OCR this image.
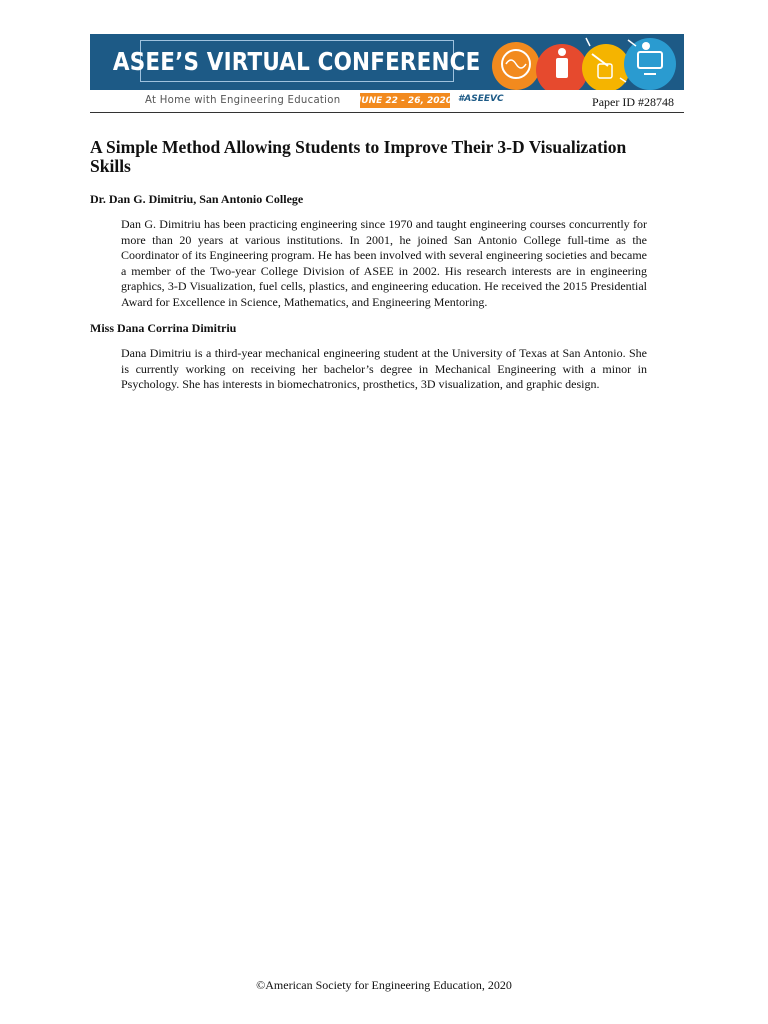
ASEE’S VIRTUAL CONFERENCE
At Home with Engineering Education JUNE 22 - 26, 2020 #ASEEVC	Paper ID #28748
A Simple Method Allowing Students to Improve Their 3-D Visualization Skills

Dr. Dan G. Dimitriu, San Antonio College

Dan G. Dimitriu has been practicing engineering since 1970 and taught engineering courses concurrently for more than 20 years at various institutions. In 2001, he joined San Antonio College full-time as the Coordinator of its Engineering program. He has been involved with several engineering societies and became a member of the Two-year College Division of ASEE in 2002. His research interests are in engineering graphics, 3-D Visualization, fuel cells, plastics, and engineering education. He received the 2015 Presidential Award for Excellence in Science, Mathematics, and Engineering Mentoring.

Miss Dana Corrina Dimitriu

Dana Dimitriu is a third-year mechanical engineering student at the University of Texas at San Antonio. She is currently working on receiving her bachelor’s degree in Mechanical Engineering with a minor in Psychology. She has interests in biomechatronics, prosthetics, 3D visualization, and graphic design.

©American Society for Engineering Education, 2020
